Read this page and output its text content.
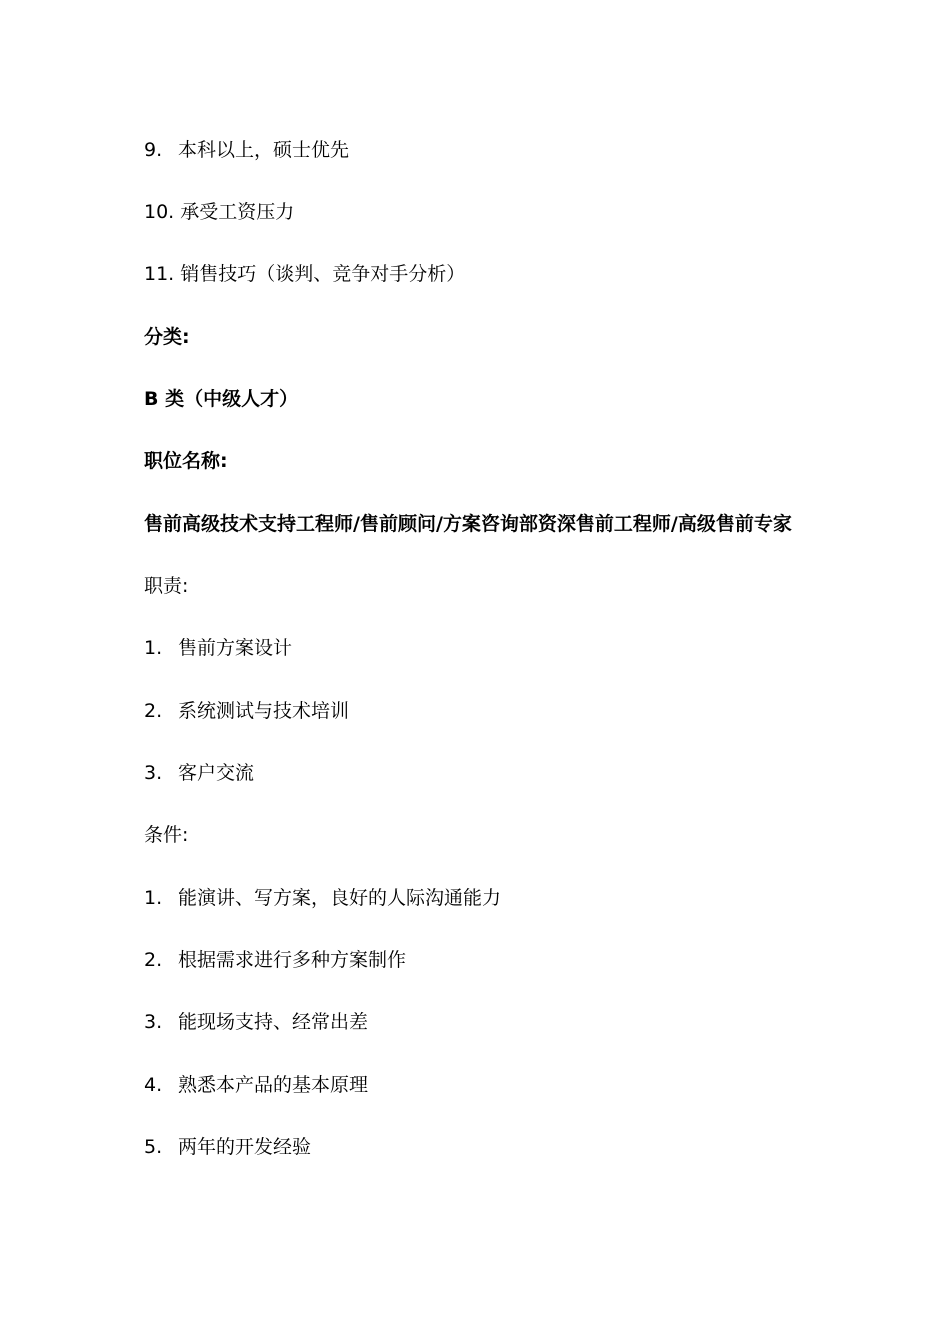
9. 本科以上，硕士优先
10. 承受工资压力
11. 销售技巧（谈判、竞争对手分析）
分类:
B 类（中级人才）
职位名称:
售前高级技术支持工程师/售前顾问/方案咨询部资深售前工程师/高级售前专家
职责:
1. 售前方案设计
2. 系统测试与技术培训
3. 客户交流
条件:
1. 能演讲、写方案，良好的人际沟通能力
2. 根据需求进行多种方案制作
3. 能现场支持、经常出差
4. 熟悉本产品的基本原理
5. 两年的开发经验
